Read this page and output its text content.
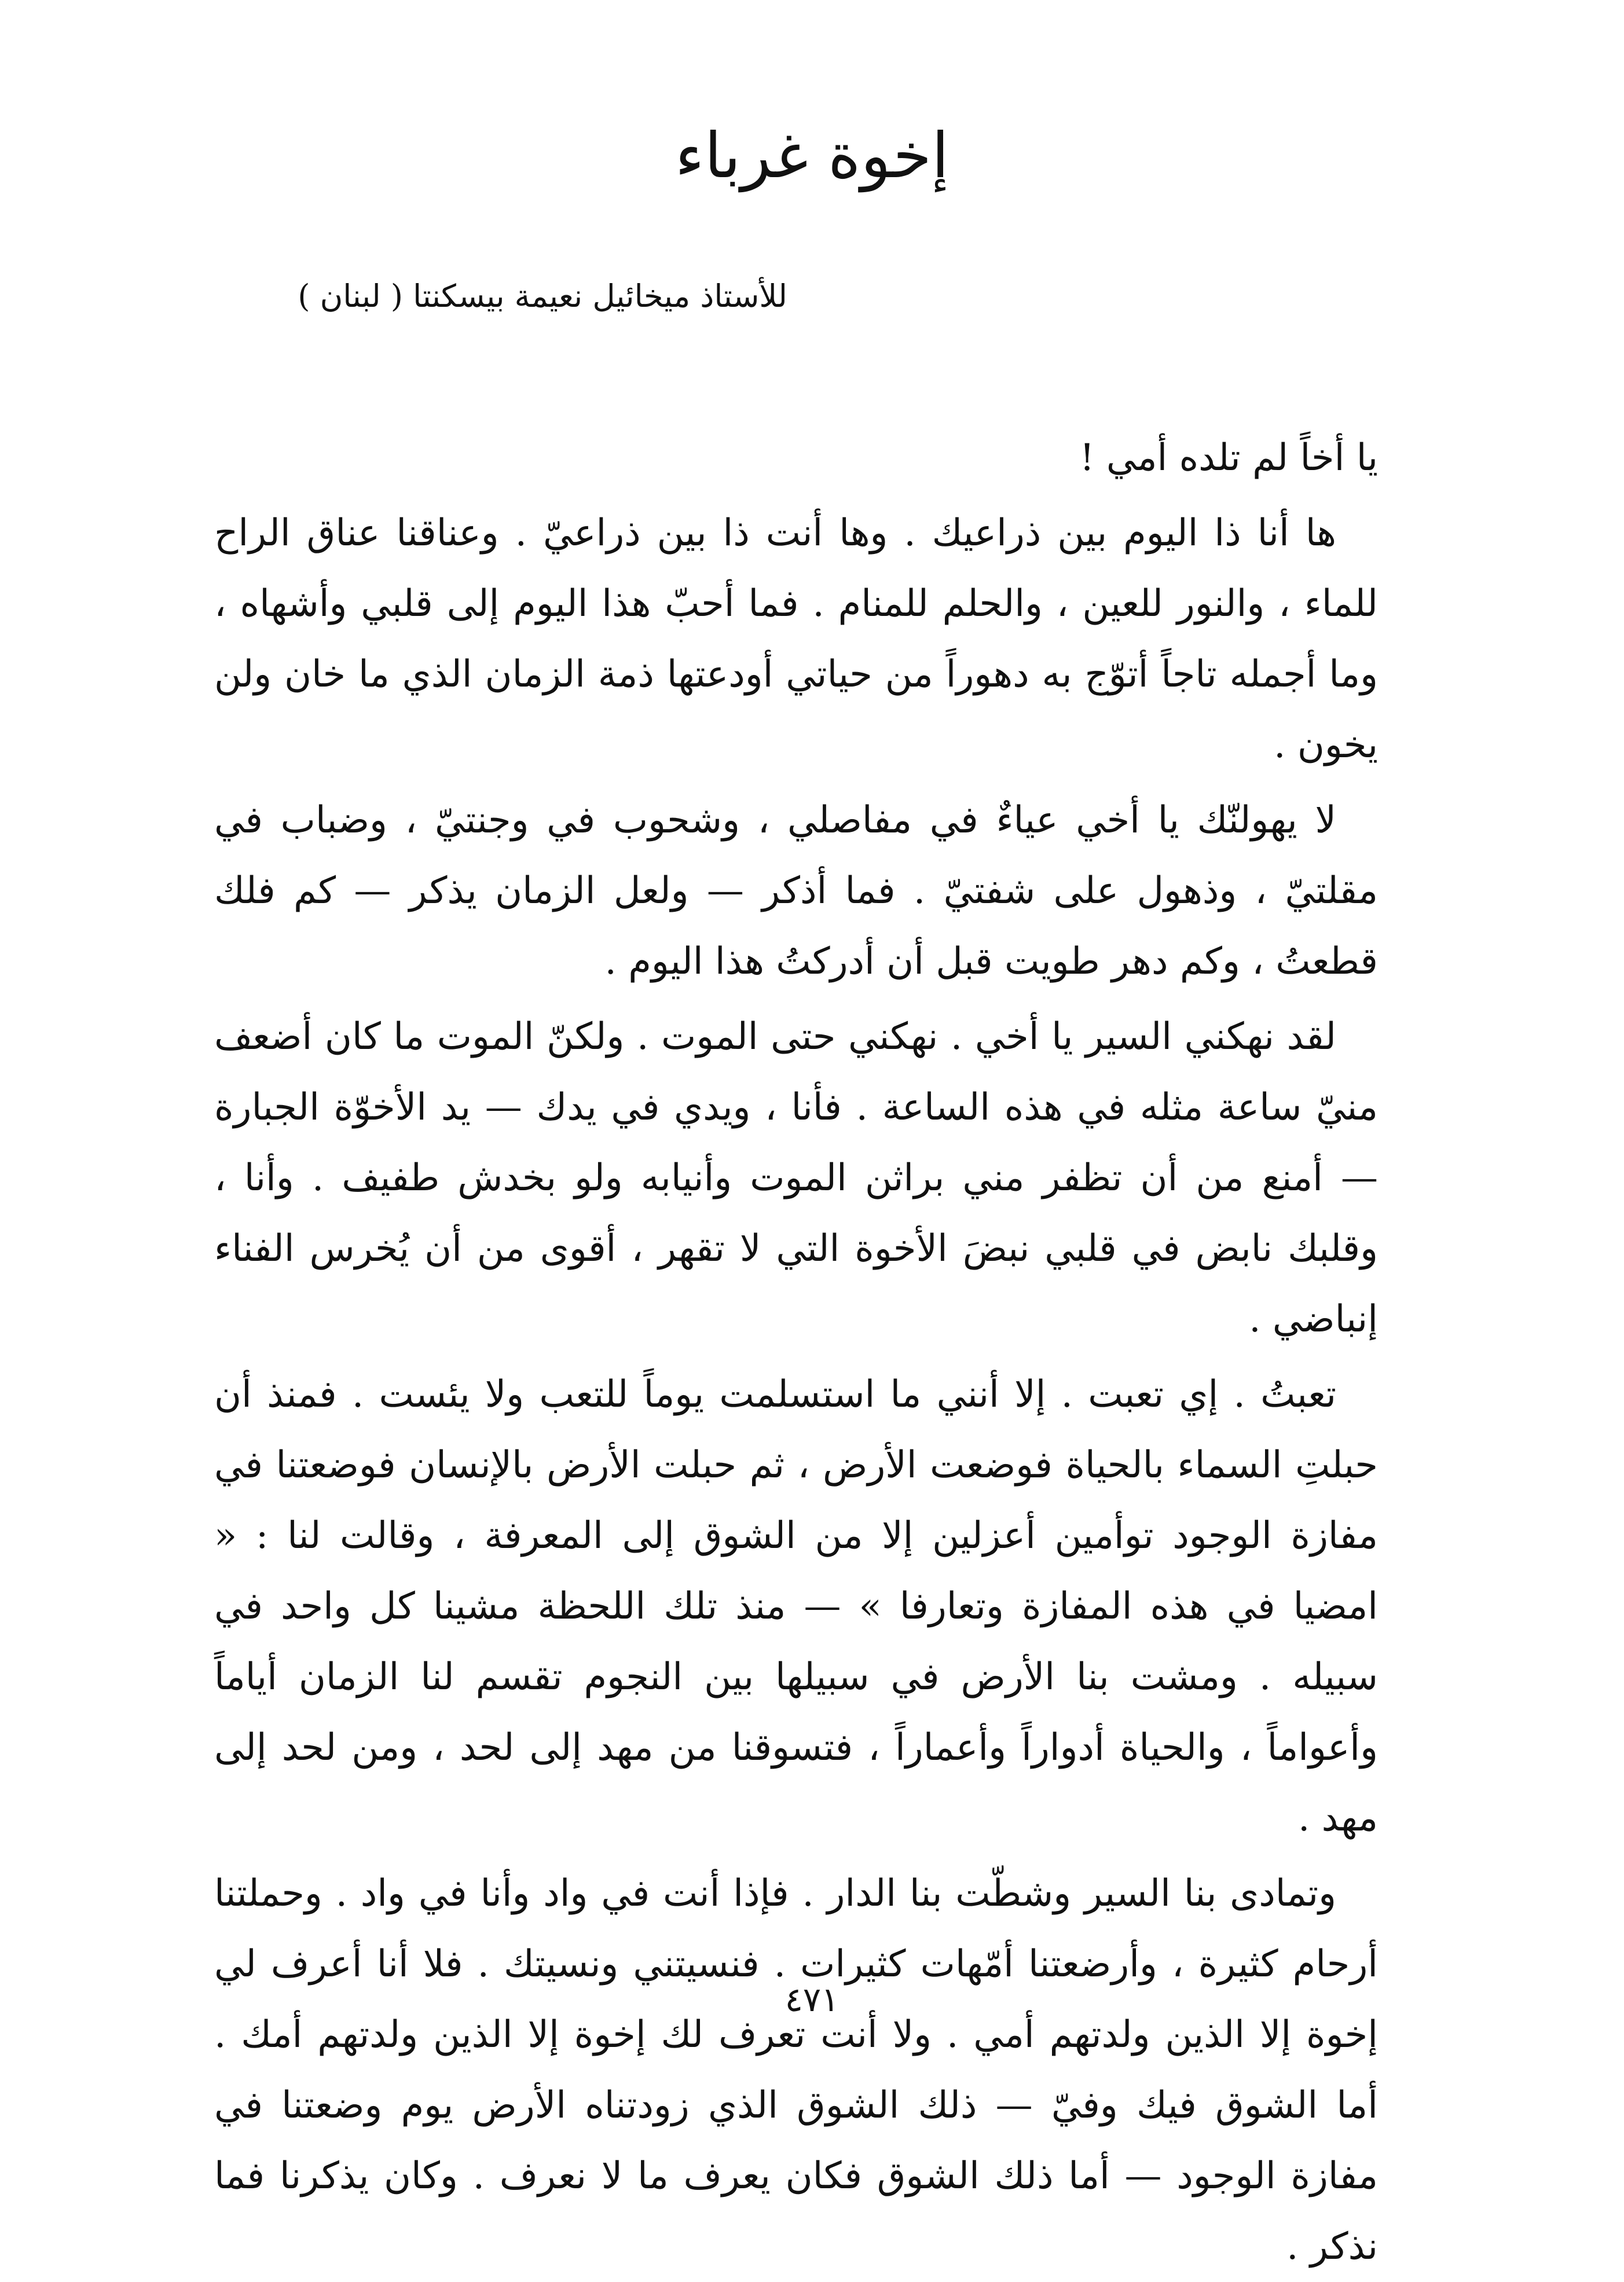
إخوة غرباء
للأستاذ ميخائيل نعيمة بيسكنتا ( لبنان )

يا أخاً لم تلده أمي !

ها أنا ذا اليوم بين ذراعيك . وها أنت ذا بين ذراعيّ . وعناقنا عناق الراح للماء ، والنور للعين ، والحلم للمنام . فما أحبّ هذا اليوم إلى قلبي وأشهاه ، وما أجمله تاجاً أتوّج به دهوراً من حياتي أودعتها ذمة الزمان الذي ما خان ولن يخون .

لا يهولنّك يا أخي عياءٌ في مفاصلي ، وشحوب في وجنتيّ ، وضباب في مقلتيّ ، وذهول على شفتيّ . فما أذكر — ولعل الزمان يذكر — كم فلك قطعتُ ، وكم دهر طويت قبل أن أدركتُ هذا اليوم .

لقد نهكني السير يا أخي . نهكني حتى الموت . ولكنّ الموت ما كان أضعف منيّ ساعة مثله في هذه الساعة . فأنا ، ويدي في يدك — يد الأخوّة الجبارة — أمنع من أن تظفر مني براثن الموت وأنيابه ولو بخدش طفيف . وأنا ، وقلبك نابض في قلبي نبضَ الأخوة التي لا تقهر ، أقوى من أن يُخرس الفناء إنباضي .

تعبتُ . إي تعبت . إلا أنني ما استسلمت يوماً للتعب ولا يئست . فمنذ أن حبلتِ السماء بالحياة فوضعت الأرض ، ثم حبلت الأرض بالإنسان فوضعتنا في مفازة الوجود توأمين أعزلين إلا من الشوق إلى المعرفة ، وقالت لنا : « امضيا في هذه المفازة وتعارفا » — منذ تلك اللحظة مشينا كل واحد في سبيله . ومشت بنا الأرض في سبيلها بين النجوم تقسم لنا الزمان أياماً وأعواماً ، والحياة أدواراً وأعماراً ، فتسوقنا من مهد إلى لحد ، ومن لحد إلى مهد .

وتمادى بنا السير وشطّت بنا الدار . فإذا أنت في واد وأنا في واد . وحملتنا أرحام كثيرة ، وأرضعتنا أمّهات كثيرات . فنسيتني ونسيتك . فلا أنا أعرف لي إخوة إلا الذين ولدتهم أمي . ولا أنت تعرف لك إخوة إلا الذين ولدتهم أمك . أما الشوق فيك وفيّ — ذلك الشوق الذي زودتناه الأرض يوم وضعتنا في مفازة الوجود — أما ذلك الشوق فكان يعرف ما لا نعرف . وكان يذكرنا فما نذكر .

٤٧١
